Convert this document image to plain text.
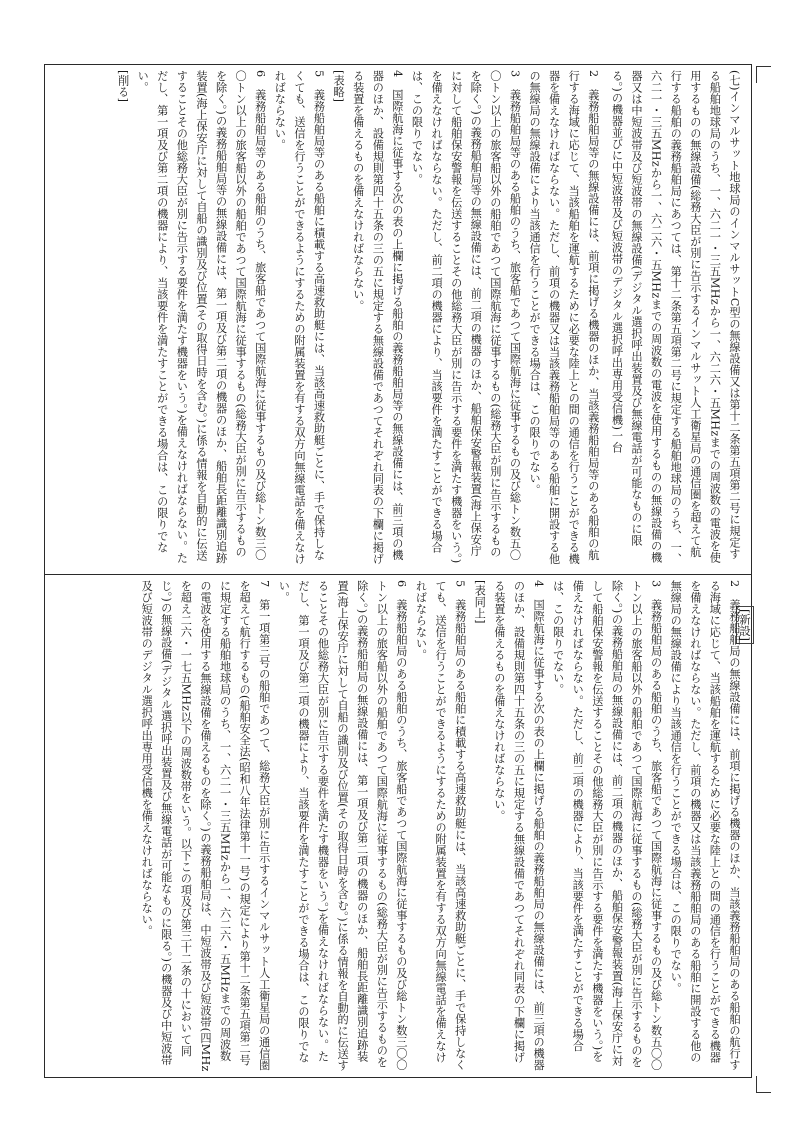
(七)インマルサット地球局のインマルサットC型の無線設備又は第十二条第五項第二号に規定する船舶地球局のうち、一、六二一・三五MHzから一、六二六・五MHzまでの周波数の電波を使用するものの無線設備(総務大臣が別に告示するインマルサット人工衛星局の通信圏を超えて航行する船舶の義務船舶局にあつては、第十二条第五項第二号に規定する船舶地球局のうち、一、六二一・三五MHzから一、六二六・五MHzまでの周波数の電波を使用するものの無線設備の機器又は中短波帯及び短波帯の無線設備(デジタル選択呼出装置及び無線電話が可能なものに限る。)の機器並びに中短波帯及び短波帯のデジタル選択呼出専用受信機)一台
2　義務船舶局等の無線設備には、前項に掲げる機器のほか、当該義務船舶局等のある船舶の航行する海域に応じて、当該船舶を運航するために必要な陸上との間の通信を行うことができる機器を備えなければならない。ただし、前項の機器又は当該義務船舶局等のある船舶に開設する他の無線局の無線設備により当該通信を行うことができる場合は、この限りでない。
3　義務船舶局等のある船舶のうち、旅客船であつて国際航海に従事するもの及び総トン数五〇〇トン以上の旅客船以外の船舶であつて国際航海に従事するもの(総務大臣が別に告示するものを除く。)の義務船舶局等の無線設備には、前二項の機器のほか、船舶保安警報装置(海上保安庁に対して船舶保安警報を伝送することその他総務大臣が別に告示する要件を満たす機器をいう。)を備えなければならない。ただし、前二項の機器により、当該要件を満たすことができる場合は、この限りでない。
4　国際航海に従事する次の表の上欄に掲げる船舶の義務船舶局等の無線設備には、前三項の機器のほか、設備規則第四十五条の三の五に規定する無線設備であつてそれぞれ同表の下欄に掲げる装置を備えるものを備えなければならない。
[表略]
5　義務船舶局等のある船舶に積載する高速救助艇には、当該高速救助艇ごとに、手で保持しなくても、送信を行うことができるようにするための附属装置を有する双方向無線電話を備えなければならない。
6　義務船舶局等のある船舶のうち、旅客船であつて国際航海に従事するもの及び総トン数三〇〇トン以上の旅客船以外の船舶であつて国際航海に従事するもの(総務大臣が別に告示するものを除く。)の義務船舶局等の無線設備には、第一項及び第二項の機器のほか、船舶長距離識別追跡装置(海上保安庁に対して自船の識別及び位置(その取得日時を含む。)に係る情報を自動的に伝送することその他総務大臣が別に告示する要件を満たす機器をいう。)を備えなければならない。ただし、第一項及び第二項の機器により、当該要件を満たすことができる場合は、この限りでない。
[削る]
[新設]
2　義務船舶局の無線設備には、前項に掲げる機器のほか、当該義務船舶局のある船舶の航行する海域に応じて、当該船舶を運航するために必要な陸上との間の通信を行うことができる機器を備えなければならない。ただし、前項の機器又は当該義務船舶局のある船舶に開設する他の無線局の無線設備により当該通信を行うことができる場合は、この限りでない。
3　義務船舶局のある船舶のうち、旅客船であつて国際航海に従事するもの及び総トン数五〇〇トン以上の旅客船以外の船舶であつて国際航海に従事するもの(総務大臣が別に告示するものを除く。)の義務船舶局の無線設備には、前二項の機器のほか、船舶保安警報装置(海上保安庁に対して船舶保安警報を伝送することその他総務大臣が別に告示する要件を満たす機器をいう。)を備えなければならない。ただし、前二項の機器により、当該要件を満たすことができる場合は、この限りでない。
4　国際航海に従事する次の表の上欄に掲げる船舶の義務船舶局の無線設備には、前三項の機器のほか、設備規則第四十五条の三の五に規定する無線設備であつてそれぞれ同表の下欄に掲げる装置を備えるものを備えなければならない。
[表同上]
5　義務船舶局のある船舶に積載する高速救助艇には、当該高速救助艇ごとに、手で保持しなくても、送信を行うことができるようにするための附属装置を有する双方向無線電話を備えなければならない。
6　義務船舶局のある船舶のうち、旅客船であつて国際航海に従事するもの及び総トン数三〇〇トン以上の旅客船以外の船舶であつて国際航海に従事するもの(総務大臣が別に告示するものを除く。)の義務船舶局の無線設備には、第一項及び第二項の機器のほか、船舶長距離識別追跡装置(海上保安庁に対して自船の識別及び位置(その取得日時を含む。)に係る情報を自動的に伝送することその他総務大臣が別に告示する要件を満たす機器をいう。)を備えなければならない。ただし、第一項及び第二項の機器により、当該要件を満たすことができる場合は、この限りでない。
7　第一項第三号の船舶であつて、総務大臣が別に告示するインマルサット人工衛星局の通信圏を超えて航行するもの(船舶安全法(昭和八年法律第十一号)の規定により第十二条第五項第二号に規定する船舶地球局のうち、一、六二一・三五MHzから一、六二六・五MHzまでの周波数の電波を使用する無線設備を備えるものを除く。)の義務船舶局は、中短波帯及び短波帯(四MHzを超え二六・一七五MHz以下の周波数帯をいう。以下この項及び第三十二条の十において同じ。)の無線設備(デジタル選択呼出装置及び無線電話が可能なものに限る。)の機器及び中短波帯及び短波帯のデジタル選択呼出専用受信機を備えなければならない。
